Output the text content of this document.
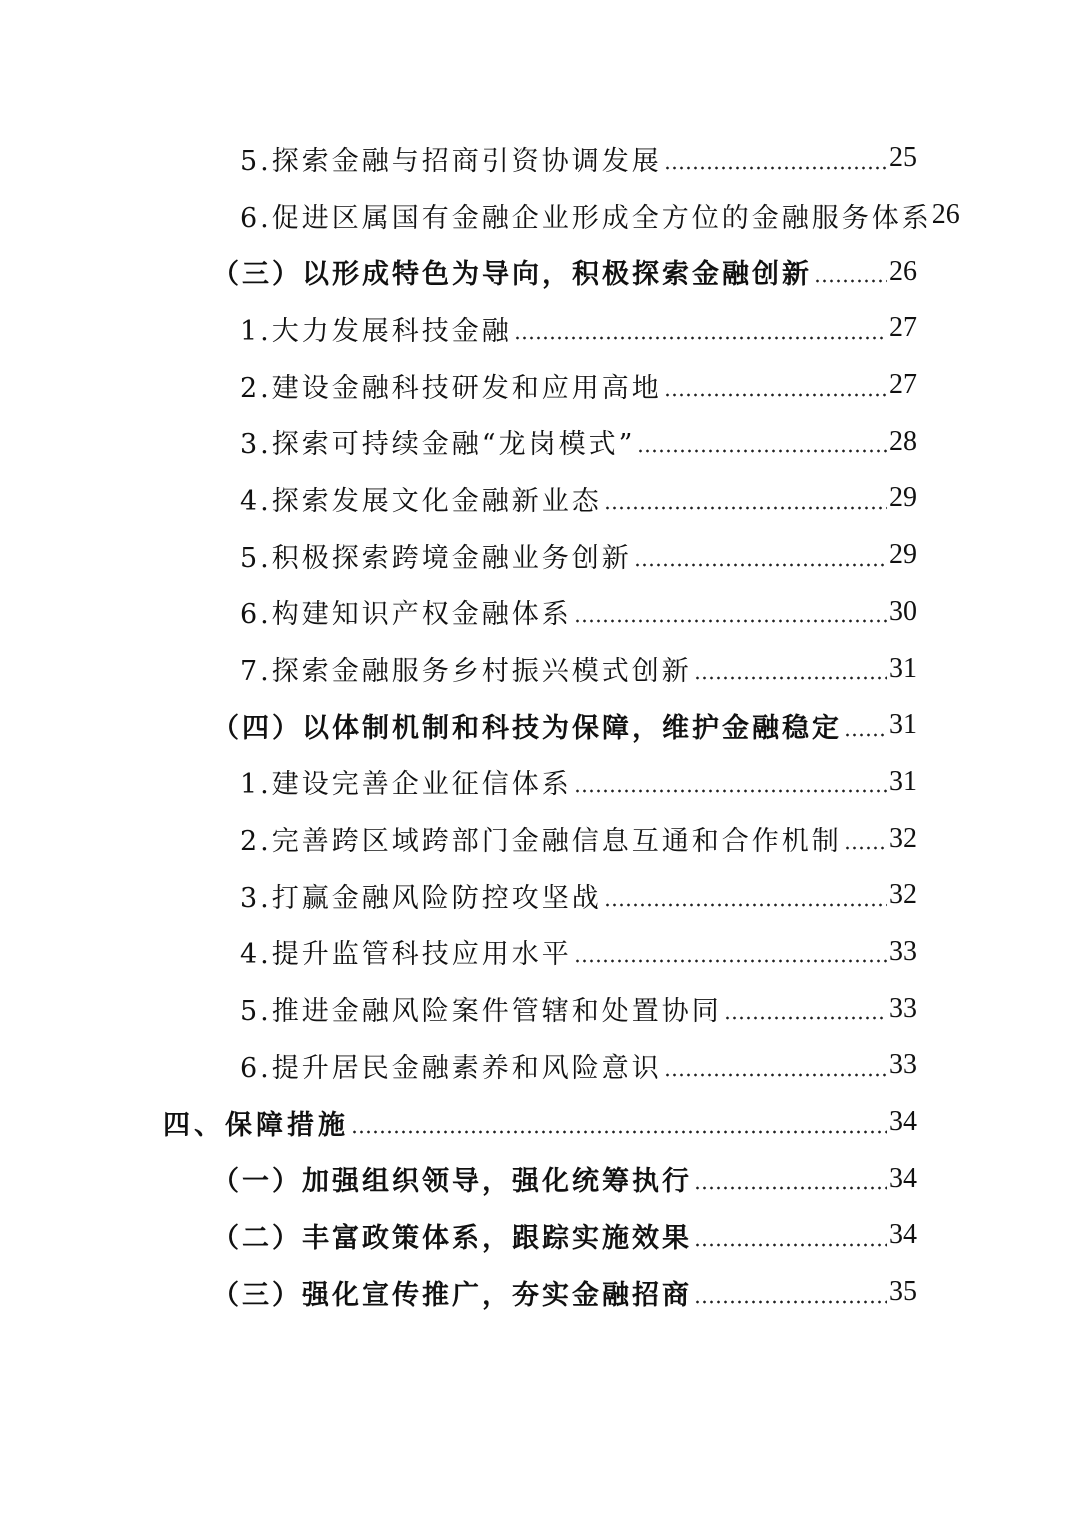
5.探索金融与招商引资协调发展	25
6.促进区属国有金融企业形成全方位的金融服务体系 26
（三）以形成特色为导向，积极探索金融创新	26
1.大力发展科技金融	27
2.建设金融科技研发和应用高地	27
3.探索可持续金融“龙岗模式”	28
4.探索发展文化金融新业态	29
5.积极探索跨境金融业务创新	29
6.构建知识产权金融体系	30
7.探索金融服务乡村振兴模式创新	31
（四）以体制机制和科技为保障，维护金融稳定 31
1.建设完善企业征信体系	31
2.完善跨区域跨部门金融信息互通和合作机制 32
3.打赢金融风险防控攻坚战	32
4.提升监管科技应用水平	33
5.推进金融风险案件管辖和处置协同	33
6.提升居民金融素养和风险意识	33
四、保障措施	34
（一）加强组织领导，强化统筹执行	34
（二）丰富政策体系，跟踪实施效果	34
（三）强化宣传推广，夯实金融招商	35
